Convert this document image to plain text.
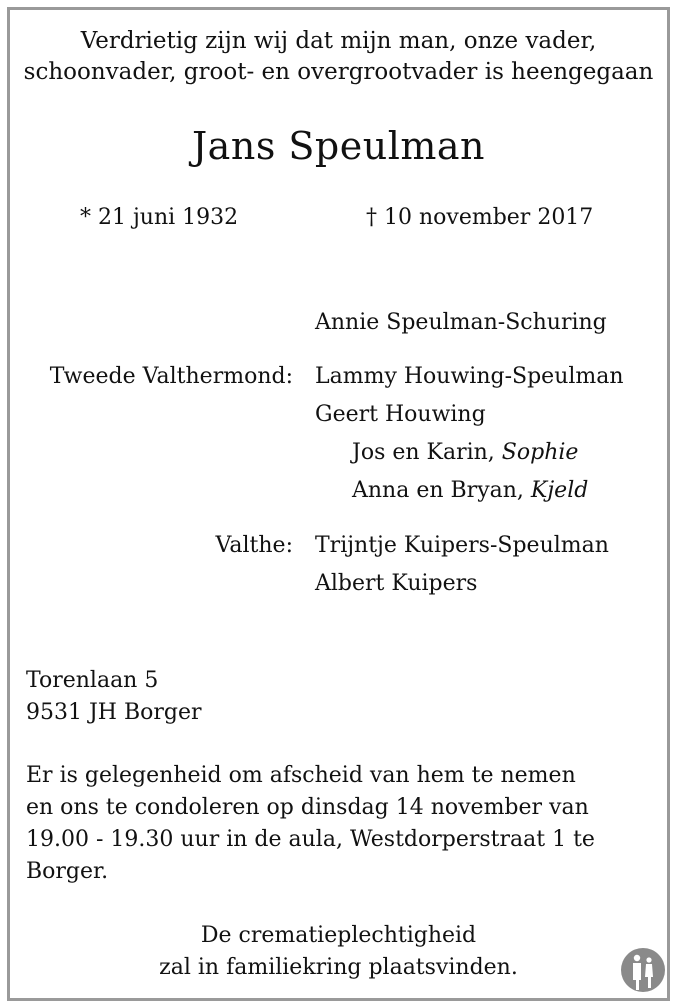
Verdrietig zijn wij dat mijn man, onze vader,
schoonvader, groot- en overgrootvader is heengegaan
Jans Speulman
* 21 juni 1932	† 10 november 2017
Annie Speulman-Schuring
Tweede Valthermond: Lammy Houwing-Speulman
Geert Houwing
Jos en Karin, Sophie
Anna en Bryan, Kjeld
Valthe: Trijntje Kuipers-Speulman
Albert Kuipers
Torenlaan 5
9531 JH Borger
Er is gelegenheid om afscheid van hem te nemen
en ons te condoleren op dinsdag 14 november van
19.00 - 19.30 uur in de aula, Westdorperstraat 1 te
Borger.
De crematieplechtigheid
zal in familiekring plaatsvinden.
